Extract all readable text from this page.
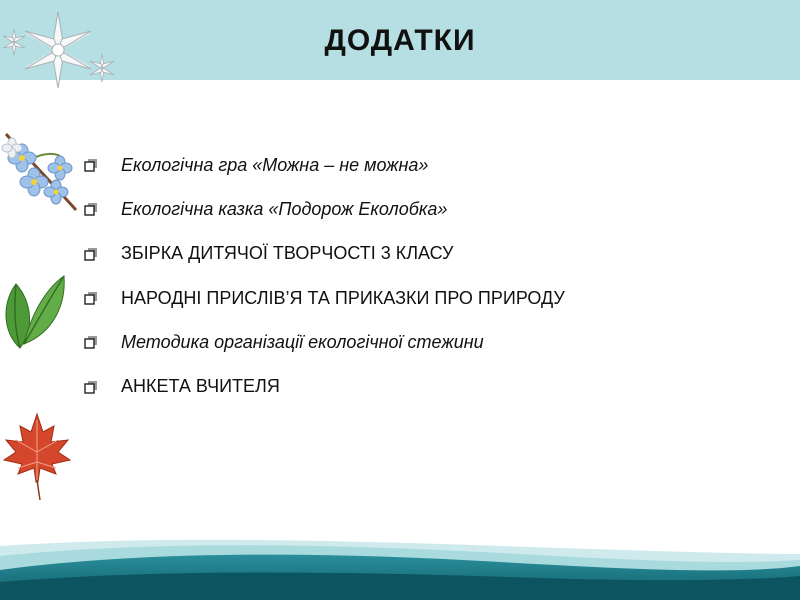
ДОДАТКИ
Екологічна гра «Можна – не можна»
Екологічна казка «Подорож Еколобка»
ЗБІРКА ДИТЯЧОЇ ТВОРЧОСТІ 3 КЛАСУ
НАРОДНІ ПРИСЛІВ’Я ТА ПРИКАЗКИ ПРО ПРИРОДУ
Методика організації екологічної стежини
АНКЕТА ВЧИТЕЛЯ
